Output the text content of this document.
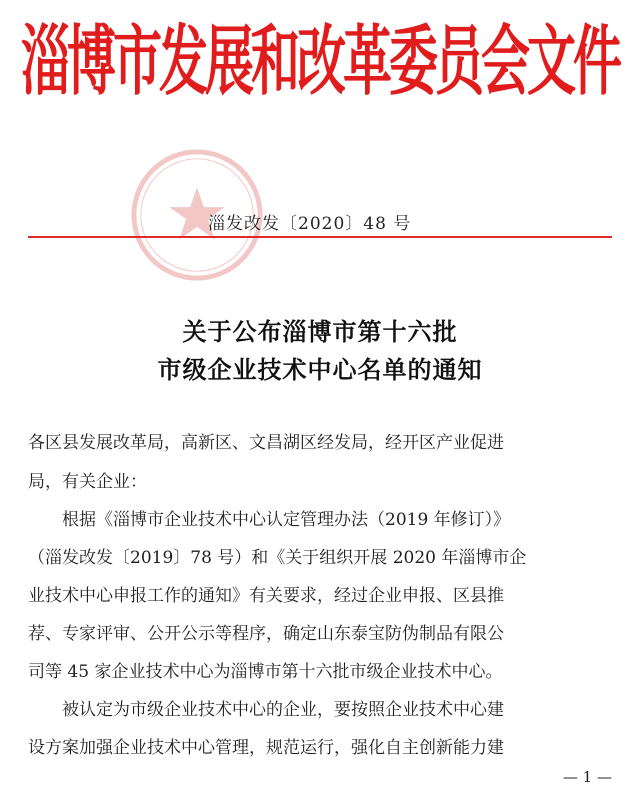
淄博市发展和改革委员会文件
淄发改发〔2020〕48 号
关于公布淄博市第十六批
市级企业技术中心名单的通知
各区县发展改革局，高新区、文昌湖区经发局，经开区产业促进
局，有关企业：
　　根据《淄博市企业技术中心认定管理办法（2019 年修订）》
（淄发改发〔2019〕78 号）和《关于组织开展 2020 年淄博市企
业技术中心申报工作的通知》有关要求，经过企业申报、区县推
荐、专家评审、公开公示等程序，确定山东泰宝防伪制品有限公
司等 45 家企业技术中心为淄博市第十六批市级企业技术中心。
　　被认定为市级企业技术中心的企业，要按照企业技术中心建
设方案加强企业技术中心管理，规范运行，强化自主创新能力建
— 1 —
